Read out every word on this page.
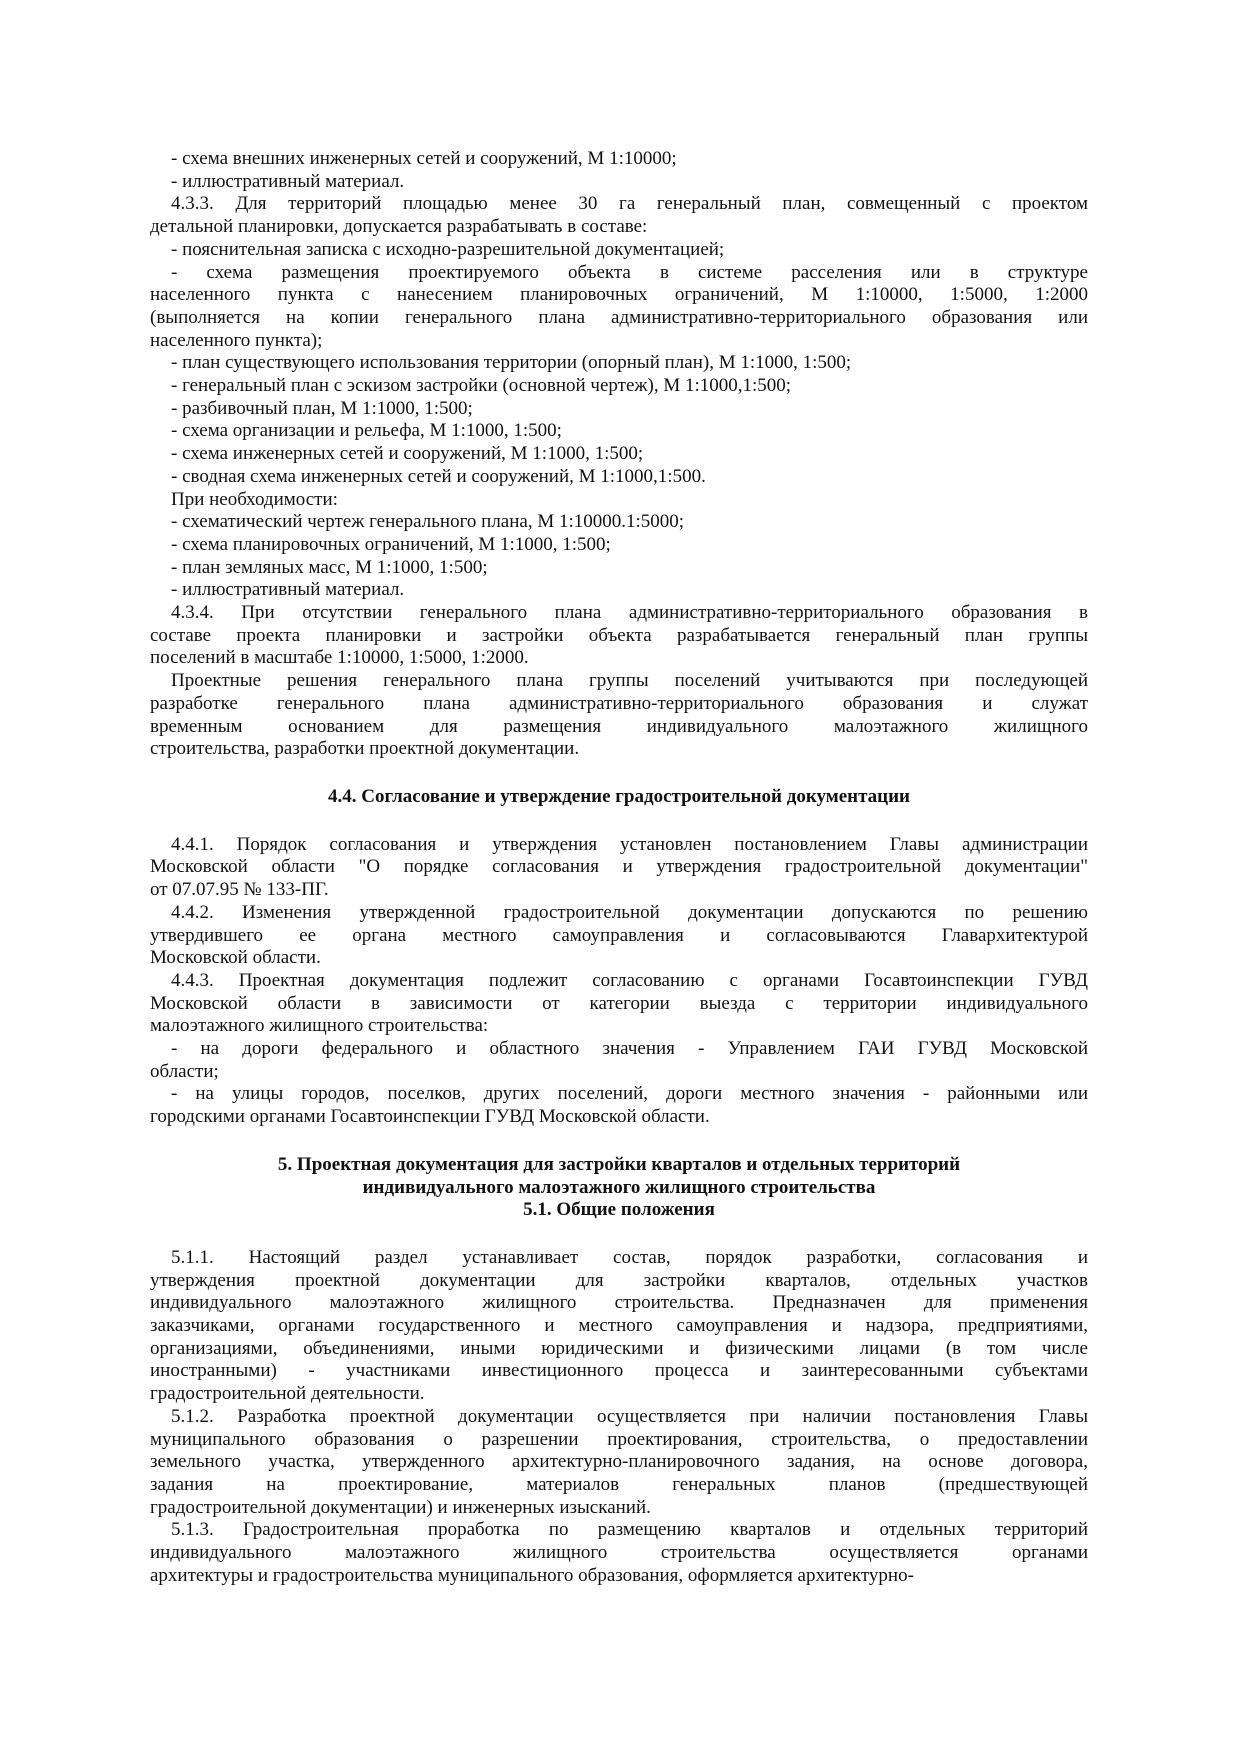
- схема внешних инженерных сетей и сооружений, М 1:10000;
- иллюстративный материал.
4.3.3. Для территорий площадью менее 30 га генеральный план, совмещенный с проектом
детальной планировки, допускается разрабатывать в составе:
- пояснительная записка с исходно-разрешительной документацией;
- схема размещения проектируемого объекта в системе расселения или в структуре
населенного пункта с нанесением планировочных ограничений, М 1:10000, 1:5000, 1:2000
(выполняется на копии генерального плана административно-территориального образования или
населенного пункта);
- план существующего использования территории (опорный план), М 1:1000, 1:500;
- генеральный план с эскизом застройки (основной чертеж), М 1:1000,1:500;
- разбивочный план, М 1:1000, 1:500;
- схема организации и рельефа, М 1:1000, 1:500;
- схема инженерных сетей и сооружений, М 1:1000, 1:500;
- сводная схема инженерных сетей и сооружений, М 1:1000,1:500.
При необходимости:
- схематический чертеж генерального плана, М 1:10000.1:5000;
- схема планировочных ограничений, М 1:1000, 1:500;
- план земляных масс, М 1:1000, 1:500;
- иллюстративный материал.
4.3.4. При отсутствии генерального плана административно-территориального образования в
составе проекта планировки и застройки объекта разрабатывается генеральный план группы
поселений в масштабе 1:10000, 1:5000, 1:2000.
Проектные решения генерального плана группы поселений учитываются при последующей
разработке генерального плана административно-территориального образования и служат
временным основанием для размещения индивидуального малоэтажного жилищного
строительства, разработки проектной документации.
4.4. Согласование и утверждение градостроительной документации
4.4.1. Порядок согласования и утверждения установлен постановлением Главы администрации
Московской области "О порядке согласования и утверждения градостроительной документации"
от 07.07.95 № 133-ПГ.
4.4.2. Изменения утвержденной градостроительной документации допускаются по решению
утвердившего ее органа местного самоуправления и согласовываются Главархитектурой
Московской области.
4.4.3. Проектная документация подлежит согласованию с органами Госавтоинспекции ГУВД
Московской области в зависимости от категории выезда с территории индивидуального
малоэтажного жилищного строительства:
- на дороги федерального и областного значения - Управлением ГАИ ГУВД Московской
области;
- на улицы городов, поселков, других поселений, дороги местного значения - районными или
городскими органами Госавтоинспекции ГУВД Московской области.
5. Проектная документация для застройки кварталов и отдельных территорий
индивидуального малоэтажного жилищного строительства
5.1. Общие положения
5.1.1. Настоящий раздел устанавливает состав, порядок разработки, согласования и
утверждения проектной документации для застройки кварталов, отдельных участков
индивидуального малоэтажного жилищного строительства. Предназначен для применения
заказчиками, органами государственного и местного самоуправления и надзора, предприятиями,
организациями, объединениями, иными юридическими и физическими лицами (в том числе
иностранными) - участниками инвестиционного процесса и заинтересованными субъектами
градостроительной деятельности.
5.1.2. Разработка проектной документации осуществляется при наличии постановления Главы
муниципального образования о разрешении проектирования, строительства, о предоставлении
земельного участка, утвержденного архитектурно-планировочного задания, на основе договора,
задания на проектирование, материалов генеральных планов (предшествующей
градостроительной документации) и инженерных изысканий.
5.1.3. Градостроительная проработка по размещению кварталов и отдельных территорий
индивидуального малоэтажного жилищного строительства осуществляется органами
архитектуры и градостроительства муниципального образования, оформляется архитектурно-
